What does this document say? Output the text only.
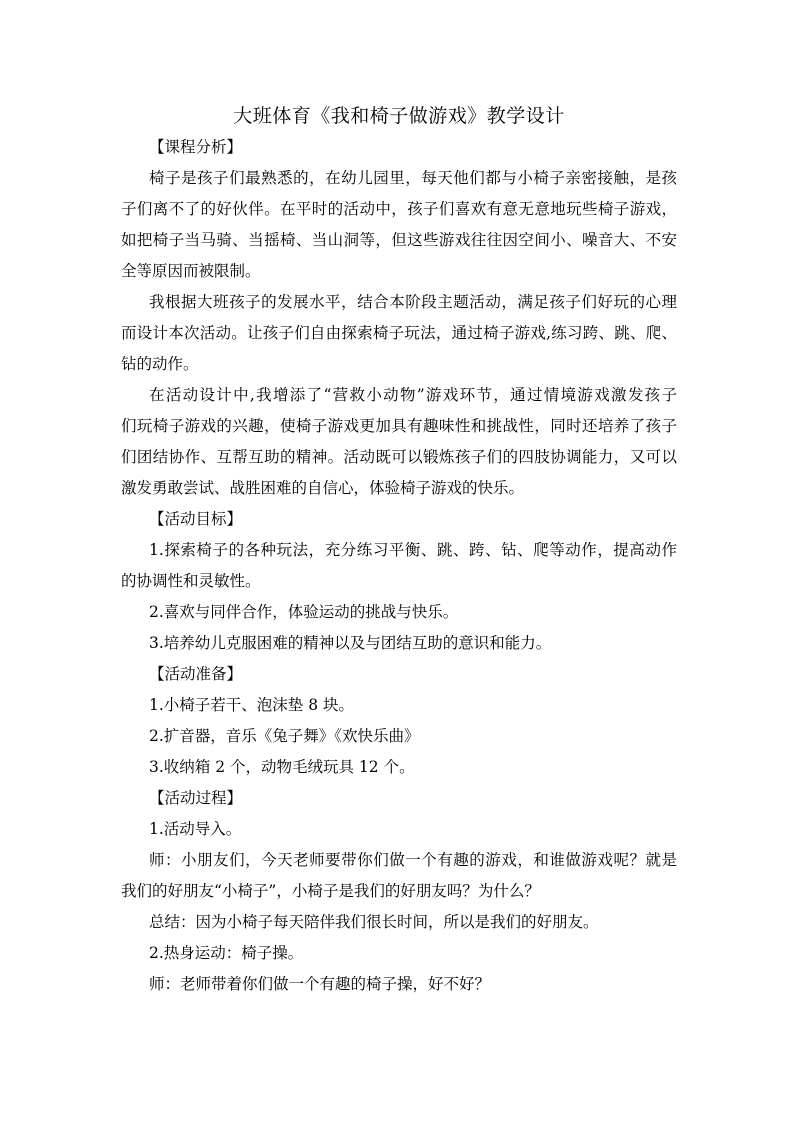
大班体育《我和椅子做游戏》教学设计

【课程分析】

椅子是孩子们最熟悉的，在幼儿园里，每天他们都与小椅子亲密接触，是孩

子们离不了的好伙伴。在平时的活动中，孩子们喜欢有意无意地玩些椅子游戏，

如把椅子当马骑、当摇椅、当山洞等，但这些游戏往往因空间小、噪音大、不安

全等原因而被限制。

我根据大班孩子的发展水平，结合本阶段主题活动，满足孩子们好玩的心理

而设计本次活动。让孩子们自由探索椅子玩法，通过椅子游戏,练习跨、跳、爬、

钻的动作。

在活动设计中,我增添了“营救小动物”游戏环节，通过情境游戏激发孩子

们玩椅子游戏的兴趣，使椅子游戏更加具有趣味性和挑战性，同时还培养了孩子

们团结协作、互帮互助的精神。活动既可以锻炼孩子们的四肢协调能力，又可以

激发勇敢尝试、战胜困难的自信心，体验椅子游戏的快乐。

【活动目标】

1.探索椅子的各种玩法，充分练习平衡、跳、跨、钻、爬等动作，提高动作

的协调性和灵敏性。

2.喜欢与同伴合作，体验运动的挑战与快乐。

3.培养幼儿克服困难的精神以及与团结互助的意识和能力。

【活动准备】

1.小椅子若干、泡沫垫 8 块。

2.扩音器，音乐《兔子舞》《欢快乐曲》

3.收纳箱 2 个，动物毛绒玩具 12 个。

【活动过程】

1.活动导入。

师：小朋友们，今天老师要带你们做一个有趣的游戏，和谁做游戏呢？就是

我们的好朋友“小椅子”，小椅子是我们的好朋友吗？为什么？

总结：因为小椅子每天陪伴我们很长时间，所以是我们的好朋友。

2.热身运动：椅子操。

师：老师带着你们做一个有趣的椅子操，好不好？
